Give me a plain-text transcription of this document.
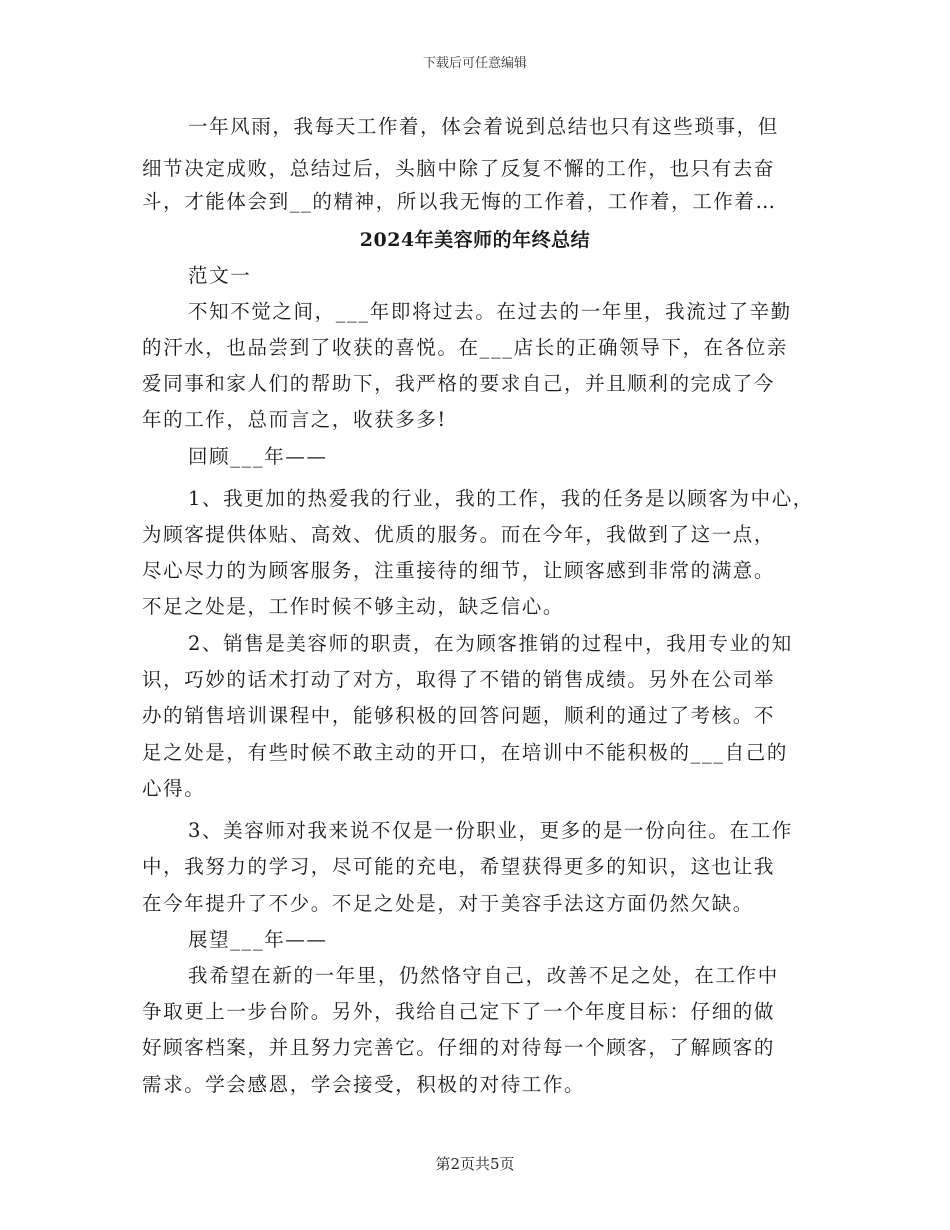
下载后可任意编辑
一年风雨，我每天工作着，体会着说到总结也只有这些琐事，但
细节决定成败，总结过后，头脑中除了反复不懈的工作，也只有去奋
斗，才能体会到__的精神，所以我无悔的工作着，工作着，工作着…
2024年美容师的年终总结
范文一
不知不觉之间，___年即将过去。在过去的一年里，我流过了辛勤
的汗水，也品尝到了收获的喜悦。在___店长的正确领导下，在各位亲
爱同事和家人们的帮助下，我严格的要求自己，并且顺利的完成了今
年的工作，总而言之，收获多多!
回顾___年——
1、我更加的热爱我的行业，我的工作，我的任务是以顾客为中心，
为顾客提供体贴、高效、优质的服务。而在今年，我做到了这一点，
尽心尽力的为顾客服务，注重接待的细节，让顾客感到非常的满意。
不足之处是，工作时候不够主动，缺乏信心。
2、销售是美容师的职责，在为顾客推销的过程中，我用专业的知
识，巧妙的话术打动了对方，取得了不错的销售成绩。另外在公司举
办的销售培训课程中，能够积极的回答问题，顺利的通过了考核。不
足之处是，有些时候不敢主动的开口，在培训中不能积极的___自己的
心得。
3、美容师对我来说不仅是一份职业，更多的是一份向往。在工作
中，我努力的学习，尽可能的充电，希望获得更多的知识，这也让我
在今年提升了不少。不足之处是，对于美容手法这方面仍然欠缺。
展望___年——
我希望在新的一年里，仍然恪守自己，改善不足之处，在工作中
争取更上一步台阶。另外，我给自己定下了一个年度目标：仔细的做
好顾客档案，并且努力完善它。仔细的对待每一个顾客，了解顾客的
需求。学会感恩，学会接受，积极的对待工作。
第2页共5页
